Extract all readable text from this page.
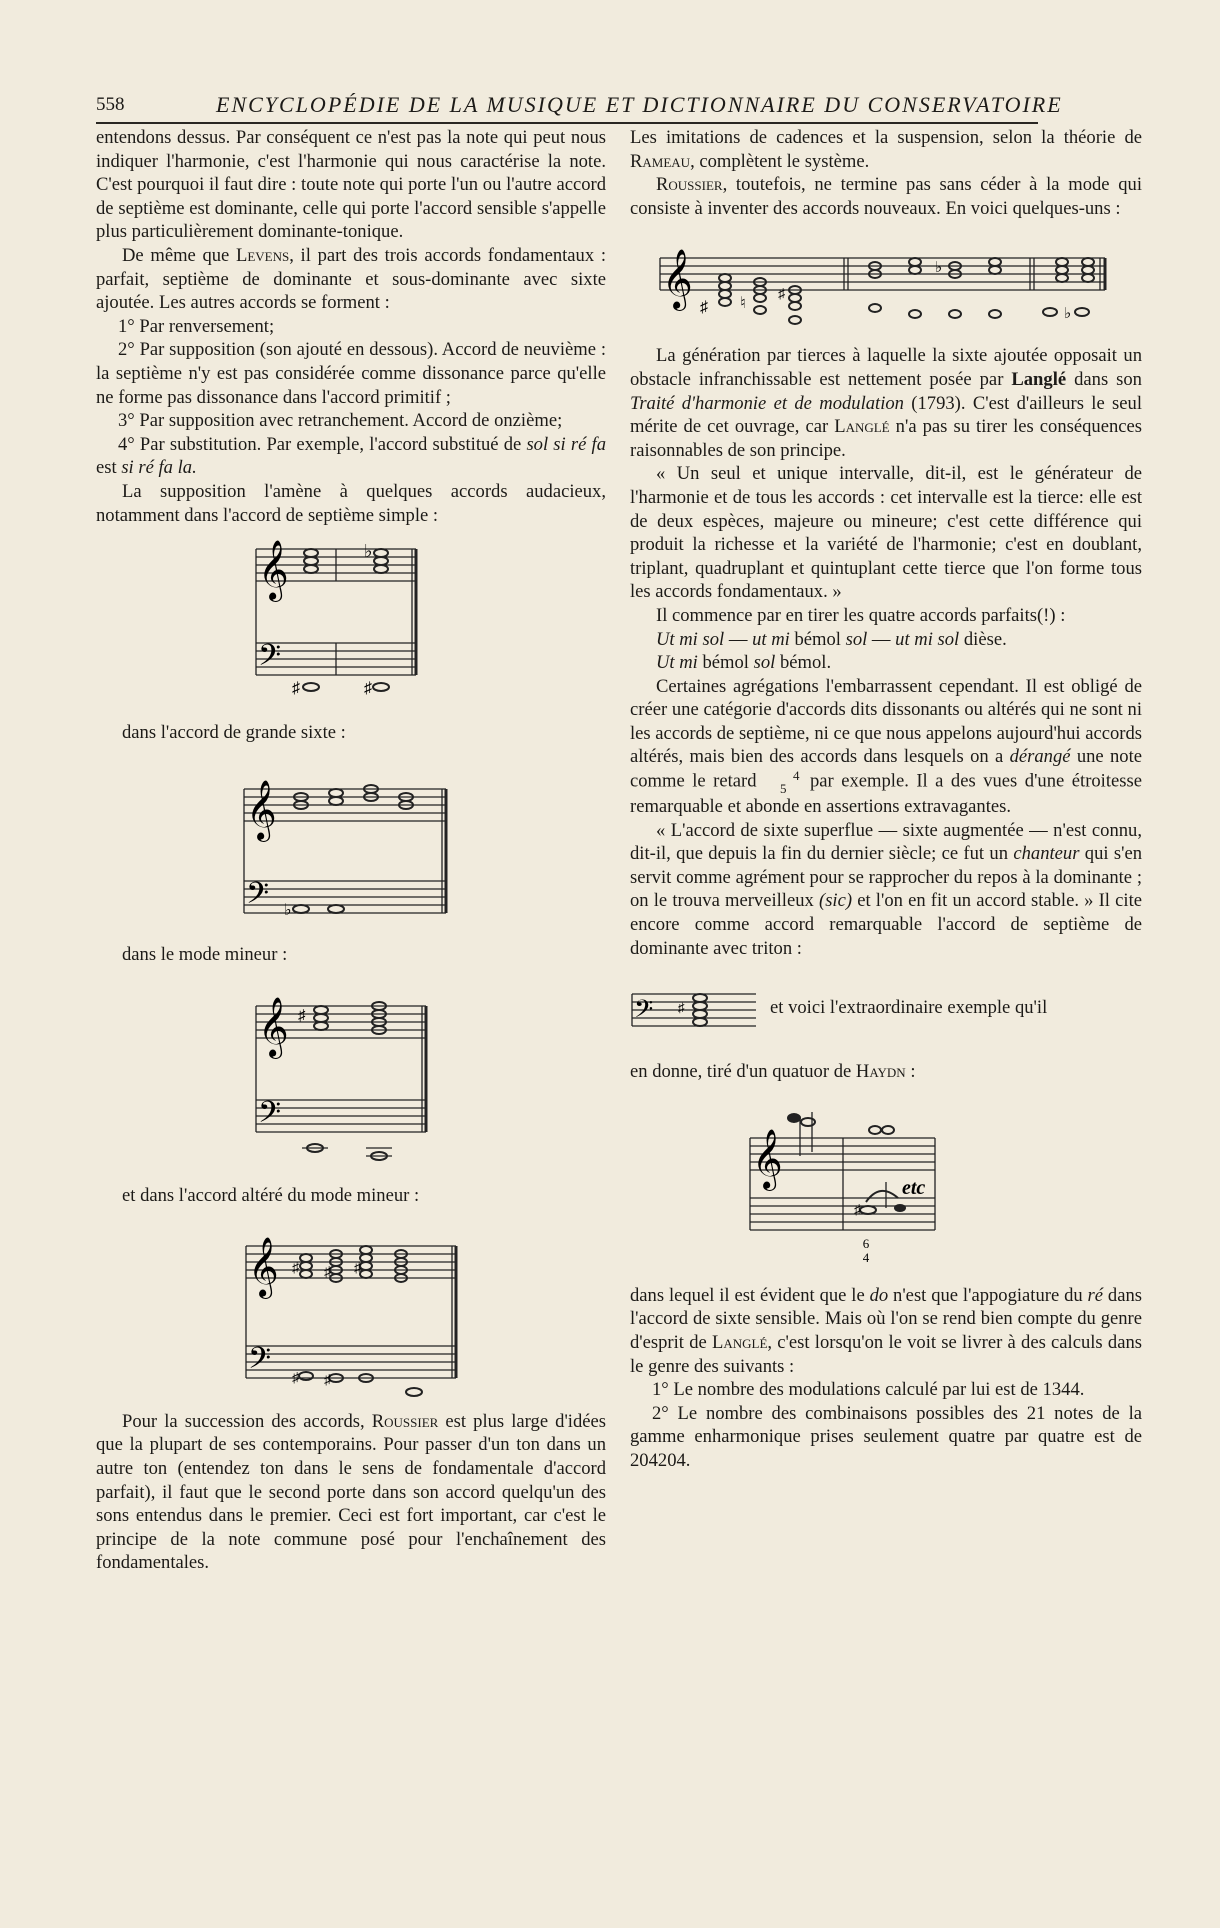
558	ENCYCLOPÉDIE DE LA MUSIQUE ET DICTIONNAIRE DU CONSERVATOIRE

entendons dessus. Par conséquent ce n'est pas la note qui peut nous indiquer l'harmonie, c'est l'harmonie qui nous caractérise la note. C'est pourquoi il faut dire : toute note qui porte l'un ou l'autre accord de septième est dominante, celle qui porte l'accord sensible s'appelle plus particulièrement dominante-tonique.

De même que Levens, il part des trois accords fondamentaux : parfait, septième de dominante et sous-dominante avec sixte ajoutée. Les autres accords se forment :

1° Par renversement;

2° Par supposition (son ajouté en dessous). Accord de neuvième : la septième n'y est pas considérée comme dissonance parce qu'elle ne forme pas dissonance dans l'accord primitif ;

3° Par supposition avec retranchement. Accord de onzième;

4° Par substitution. Par exemple, l'accord substitué de sol si ré fa est si ré fa la.

La supposition l'amène à quelques accords audacieux, notamment dans l'accord de septième simple :

𝄞
𝄢
♭
♯	♯

dans l'accord de grande sixte :

𝄞
𝄢 ♭

dans le mode mineur :

𝄞
𝄢
♯

et dans l'accord altéré du mode mineur :

𝄞
𝄢
♯ ♯ ♯
♯ ♯

Pour la succession des accords, Roussier est plus large d'idées que la plupart de ses contemporains. Pour passer d'un ton dans un autre ton (entendez ton dans le sens de fondamentale d'accord parfait), il faut que le second porte dans son accord quelqu'un des sons entendus dans le premier. Ceci est fort important, car c'est le principe de la note commune posé pour l'enchaînement des fondamentales.

Les imitations de cadences et la suspension, selon la théorie de Rameau, complètent le système.

Roussier, toutefois, ne termine pas sans céder à la mode qui consiste à inventer des accords nouveaux. En voici quelques-uns :

𝄞 ♯ ♮
♯
♭
♭

La génération par tierces à laquelle la sixte ajoutée opposait un obstacle infranchissable est nettement posée par Langlé dans son Traité d'harmonie et de modulation (1793). C'est d'ailleurs le seul mérite de cet ouvrage, car Langlé n'a pas su tirer les conséquences raisonnables de son principe.

« Un seul et unique intervalle, dit-il, est le générateur de l'harmonie et de tous les accords : cet intervalle est la tierce: elle est de deux espèces, majeure ou mineure; c'est cette différence qui produit la richesse et la variété de l'harmonie; c'est en doublant, triplant, quadruplant et quintuplant cette tierce que l'on forme tous les accords fondamentaux. »

Il commence par en tirer les quatre accords parfaits(!) :

Ut mi sol — ut mi bémol sol — ut mi sol dièse.

Ut mi bémol sol bémol.

Certaines agrégations l'embarrassent cependant. Il est obligé de créer une catégorie d'accords dits dissonants ou altérés qui ne sont ni les accords de septième, ni ce que nous appelons aujourd'hui accords altérés, mais bien des accords dans lesquels on a dérangé une note comme le retard 4
5 par exemple. Il a des vues d'une étroitesse remarquable et abonde en assertions extravagantes.

« L'accord de sixte superflue — sixte augmentée — n'est connu, dit-il, que depuis la fin du dernier siècle; ce fut un chanteur qui s'en servit comme agrément pour se rapprocher du repos à la dominante ; on le trouva merveilleux (sic) et l'on en fit un accord stable. » Il cite encore comme accord remarquable l'accord de septième de dominante avec triton :

𝄢 ♯	et voici l'extraordinaire exemple qu'il

en donne, tiré d'un quatuor de Haydn :

𝄞
♯
etc
6
4

dans lequel il est évident que le do n'est que l'appogiature du ré dans l'accord de sixte sensible. Mais où l'on se rend bien compte du genre d'esprit de Langlé, c'est lorsqu'on le voit se livrer à des calculs dans le genre des suivants :

1° Le nombre des modulations calculé par lui est de 1344.

2° Le nombre des combinaisons possibles des 21 notes de la gamme enharmonique prises seulement quatre par quatre est de 204204.
